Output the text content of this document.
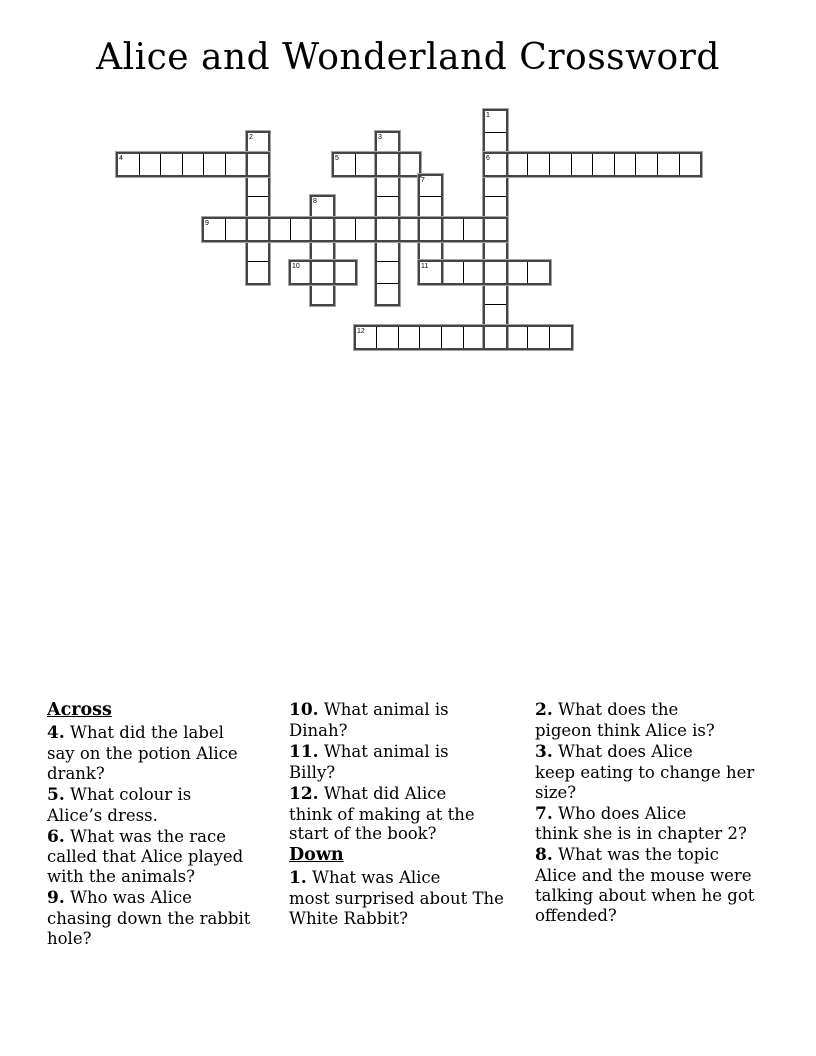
Alice and Wonderland Crossword
1
6
2	3
4	5
7
11
8
9
10
12
Across
4. What did the label
say on the potion Alice
drank?
5. What colour is
Alice’s dress.
6. What was the race
called that Alice played
with the animals?
9. Who was Alice
chasing down the rabbit
hole?
10. What animal is
Dinah?
11. What animal is
Billy?
12. What did Alice
think of making at the
start of the book?
Down
1. What was Alice
most surprised about The
White Rabbit?
2. What does the
pigeon think Alice is?
3. What does Alice
keep eating to change her
size?
7. Who does Alice
think she is in chapter 2?
8. What was the topic
Alice and the mouse were
talking about when he got
offended?
